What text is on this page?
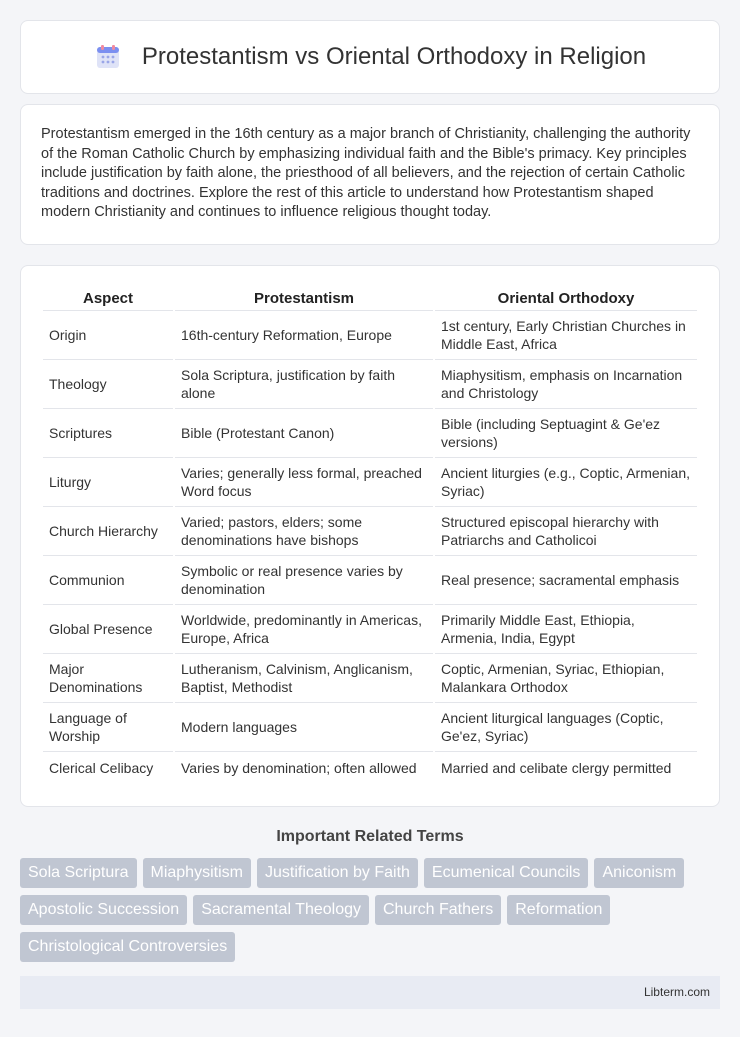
Protestantism vs Oriental Orthodoxy in Religion

Protestantism emerged in the 16th century as a major branch of Christianity, challenging the authority of the Roman Catholic Church by emphasizing individual faith and the Bible's primacy. Key principles include justification by faith alone, the priesthood of all believers, and the rejection of certain Catholic traditions and doctrines. Explore the rest of this article to understand how Protestantism shaped modern Christianity and continues to influence religious thought today.

Aspect	Protestantism	Oriental Orthodoxy
Origin	16th-century Reformation, Europe	1st century, Early Christian Churches in Middle East, Africa
Theology	Sola Scriptura, justification by faith alone	Miaphysitism, emphasis on Incarnation and Christology
Scriptures	Bible (Protestant Canon)	Bible (including Septuagint & Ge'ez versions)
Liturgy	Varies; generally less formal, preached Word focus	Ancient liturgies (e.g., Coptic, Armenian, Syriac)
Church Hierarchy	Varied; pastors, elders; some denominations have bishops	Structured episcopal hierarchy with Patriarchs and Catholicoi
Communion	Symbolic or real presence varies by denomination	Real presence; sacramental emphasis
Global Presence	Worldwide, predominantly in Americas, Europe, Africa	Primarily Middle East, Ethiopia, Armenia, India, Egypt
Major Denominations	Lutheranism, Calvinism, Anglicanism, Baptist, Methodist	Coptic, Armenian, Syriac, Ethiopian, Malankara Orthodox
Language of Worship	Modern languages	Ancient liturgical languages (Coptic, Ge'ez, Syriac)
Clerical Celibacy	Varies by denomination; often allowed	Married and celibate clergy permitted
Important Related Terms
Sola Scriptura	Miaphysitism	Justification by Faith	Ecumenical Councils	Aniconism
Apostolic Succession	Sacramental Theology	Church Fathers	Reformation
Christological Controversies
Libterm.com
